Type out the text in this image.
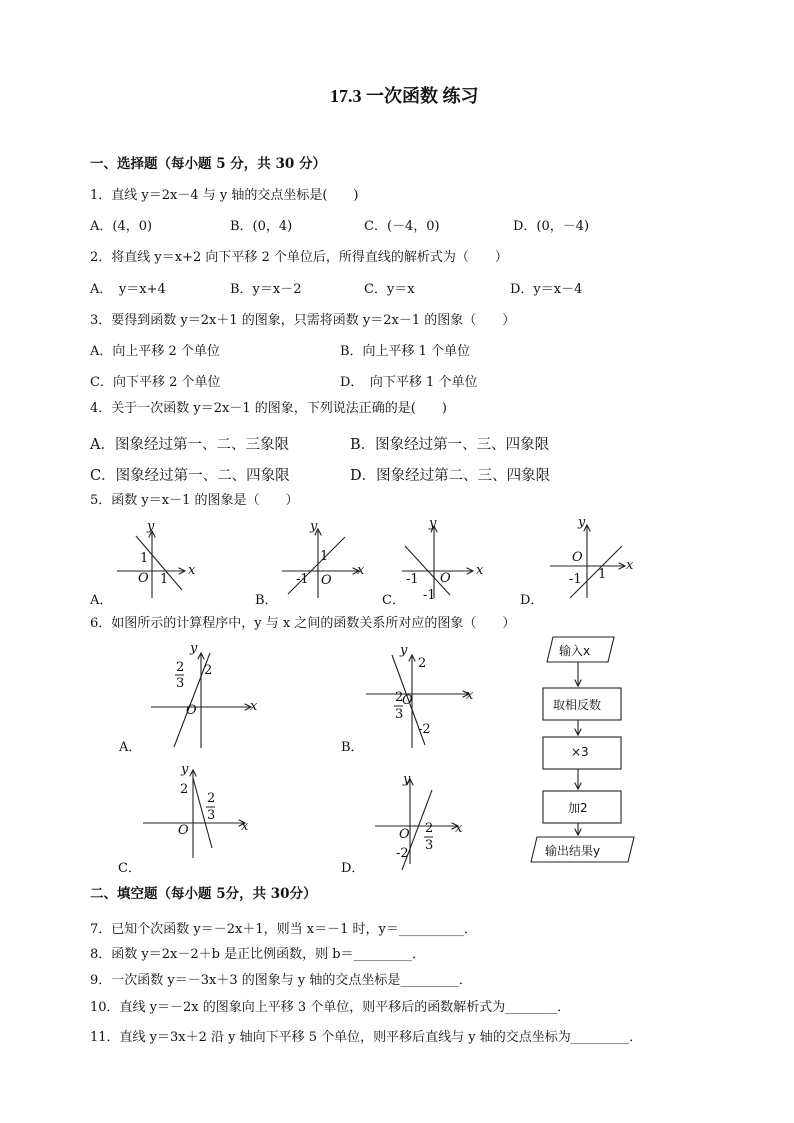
17.3 一次函数 练习
一、选择题（每小题 5 分，共 30 分）
1．直线 y＝2x－4 与 y 轴的交点坐标是(　　)
A．(4，0)	B．(0，4)	C．(－4，0)	D．(0，－4)
2．将直线 y＝x+2 向下平移 2 个单位后，所得直线的解析式为（　　）
A．　y＝x+4	B．y＝x－2	C．y＝x	D．y＝x－4
3．要得到函数 y＝2x＋1 的图象，只需将函数 y＝2x－1 的图象（　　）
A．向上平移 2 个单位	B．向上平移 1 个单位
C．向下平移 2 个单位	D．　向下平移 1 个单位
4．关于一次函数 y＝2x－1 的图象，下列说法正确的是(　　)
A．图象经过第一、二、三象限	B．图象经过第一、三、四象限
C．图象经过第一、二、四象限	D．图象经过第二、三、四象限
5．函数 y＝x－1 的图象是（　　）
y
x
1
O 1
A．
y
x
1
-1 O
B．
y
x
-1 O
-1
C．
y
x
O
-1 1
D．
6．如图所示的计算程序中，y 与 x 之间的函数关系所对应的图象（　　）
y
x
2
2
3
O
A．
y
x
2
2
3
O
-2
B．
y
x
2
2
3
O
C．
y
x
O 2
3
-2
D．
输入x
取相反数
×3
加2
输出结果y
二、填空题（每小题 5分，共 30分）
7．已知个次函数 y＝－2x＋1，则当 x＝－1 时，y＝__________．
8．函数 y＝2x－2＋b 是正比例函数，则 b＝_________．
9．一次函数 y＝－3x＋3 的图象与 y 轴的交点坐标是_________．
10．直线 y＝－2x 的图象向上平移 3 个单位，则平移后的函数解析式为________．
11．直线 y＝3x＋2 沿 y 轴向下平移 5 个单位，则平移后直线与 y 轴的交点坐标为_________．
